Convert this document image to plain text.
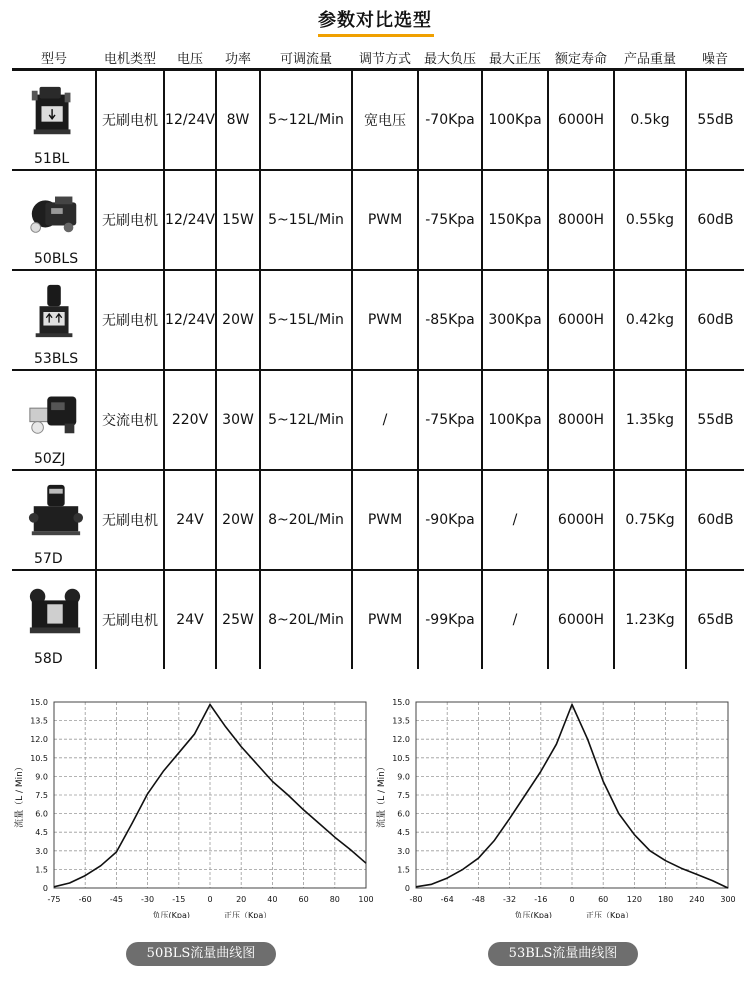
参数对比选型
型号	电机类型	电压	功率	可调流量	调节方式	最大负压	最大正压	额定寿命	产品重量	噪音

51BL	无刷电机	12/24V	8W	5~12L/Min	宽电压	-70Kpa	100Kpa	6000H	0.5kg	55dB

50BLS	无刷电机	12/24V	15W	5~15L/Min	PWM	-75Kpa	150Kpa	8000H	0.55kg	60dB

53BLS	无刷电机	12/24V	20W	5~15L/Min	PWM	-85Kpa	300Kpa	6000H	0.42kg	60dB

50ZJ	交流电机	220V	30W	5~12L/Min	/	-75Kpa	100Kpa	8000H	1.35kg	55dB

57D	无刷电机	24V	20W	8~20L/Min	PWM	-90Kpa	/	6000H	0.75Kg	60dB

58D	无刷电机	24V	25W	8~20L/Min	PWM	-99Kpa	/	6000H	1.23Kg	65dB
0
1.5
3.0
4.5
6.0
7.5
9.0
10.5
12.0
13.5
15.0
-75 -60 -45 -30 -15	0	20	40	60	80 100
流量（L / Min）
负压(Kpa)	正压（Kpa）
50BLS流量曲线图
0
1.5
3.0
4.5
6.0
7.5
9.0
10.5
12.0
13.5
15.0
-80 -64 -48 -32 -16	0	60 120 180 240 300
流量（L / Min）
负压(Kpa)	正压（Kpa）
53BLS流量曲线图
